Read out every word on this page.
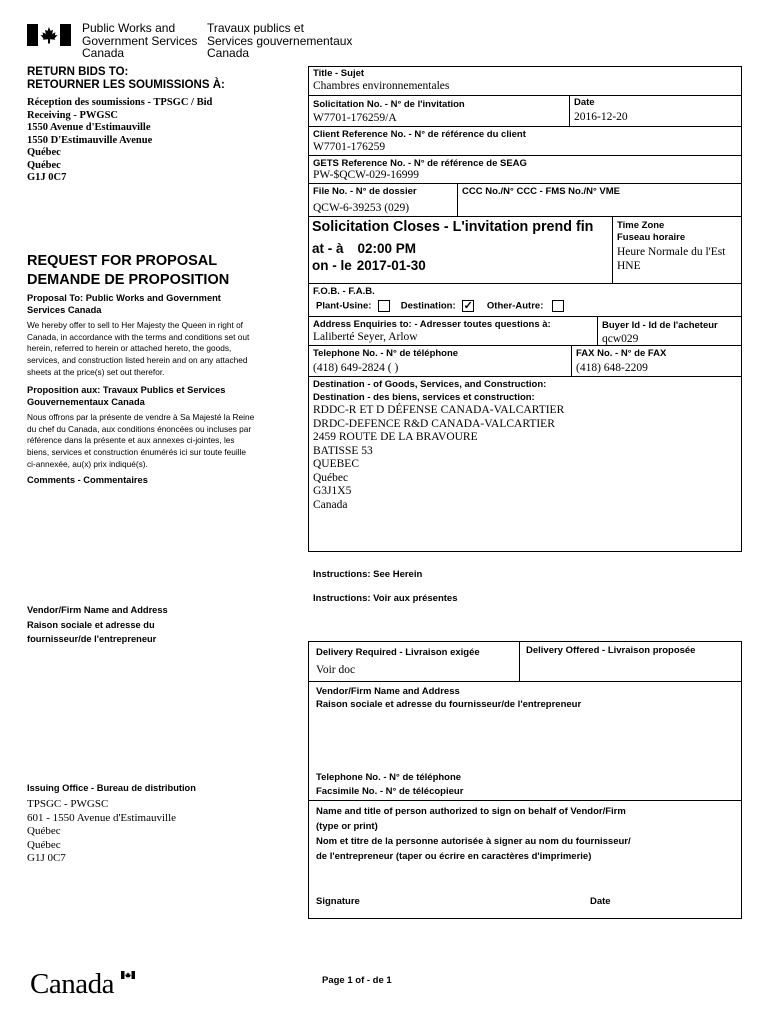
Public Works and
Government Services
Canada
Travaux publics et
Services gouvernementaux
Canada
RETURN BIDS TO:
RETOURNER LES SOUMISSIONS À:
Réception des soumissions - TPSGC / Bid
Receiving - PWGSC
1550 Avenue d'Estimauville
1550 D'Estimauville Avenue
Québec
Québec
G1J 0C7
REQUEST FOR PROPOSAL
DEMANDE DE PROPOSITION
Proposal To: Public Works and Government Services Canada
We hereby offer to sell to Her Majesty the Queen in right of Canada, in accordance with the terms and conditions set out herein, referred to herein or attached hereto, the goods, services, and construction listed herein and on any attached sheets at the price(s) set out therefor.
Proposition aux: Travaux Publics et Services Gouvernementaux Canada
Nous offrons par la présente de vendre à Sa Majesté la Reine du chef du Canada, aux conditions énoncées ou incluses par référence dans la présente et aux annexes ci-jointes, les biens, services et construction énumérés ici sur toute feuille ci-annexée, au(x) prix indiqué(s).
Comments - Commentaires
Vendor/Firm Name and Address
Raison sociale et adresse du
fournisseur/de l'entrepreneur
Issuing Office - Bureau de distribution
TPSGC - PWGSC
601 - 1550 Avenue d'Estimauville
Québec
Québec
G1J 0C7
Title - Sujet
Chambres environnementales
Solicitation No. - N° de l'invitation
W7701-176259/A
Date
2016-12-20
Client Reference No. - N° de référence du client
W7701-176259
GETS Reference No. - N° de référence de SEAG
PW-$QCW-029-16999
File No. - N° de dossier
QCW-6-39253 (029)
CCC No./N° CCC - FMS No./N° VME
Solicitation Closes - L'invitation prend fin
at - à 02:00 PM
on - le 2017-01-30
Time Zone
Fuseau horaire
Heure Normale du l'Est
HNE
F.O.B. - F.A.B.
Plant-Usine:	Destination: ✓ Other-Autre:
Address Enquiries to: - Adresser toutes questions à:
Laliberté Seyer, Arlow
Buyer Id - Id de l'acheteur
qcw029
Telephone No. - N° de téléphone
(418) 649-2824 ( )
FAX No. - N° de FAX
(418) 648-2209
Destination - of Goods, Services, and Construction:
Destination - des biens, services et construction:
RDDC-R ET D DÉFENSE CANADA-VALCARTIER
DRDC-DEFENCE R&D CANADA-VALCARTIER
2459 ROUTE DE LA BRAVOURE
BATISSE 53
QUEBEC
Québec
G3J1X5
Canada
Instructions: See Herein
Instructions: Voir aux présentes
Delivery Required - Livraison exigée
Voir doc
Delivery Offered - Livraison proposée
Vendor/Firm Name and Address
Raison sociale et adresse du fournisseur/de l'entrepreneur
Telephone No. - N° de téléphone
Facsimile No. - N° de télécopieur
Name and title of person authorized to sign on behalf of Vendor/Firm
(type or print)
Nom et titre de la personne autorisée à signer au nom du fournisseur/
de l'entrepreneur (taper ou écrire en caractères d'imprimerie)
Signature	Date
Canada	Page 1 of - de 1
